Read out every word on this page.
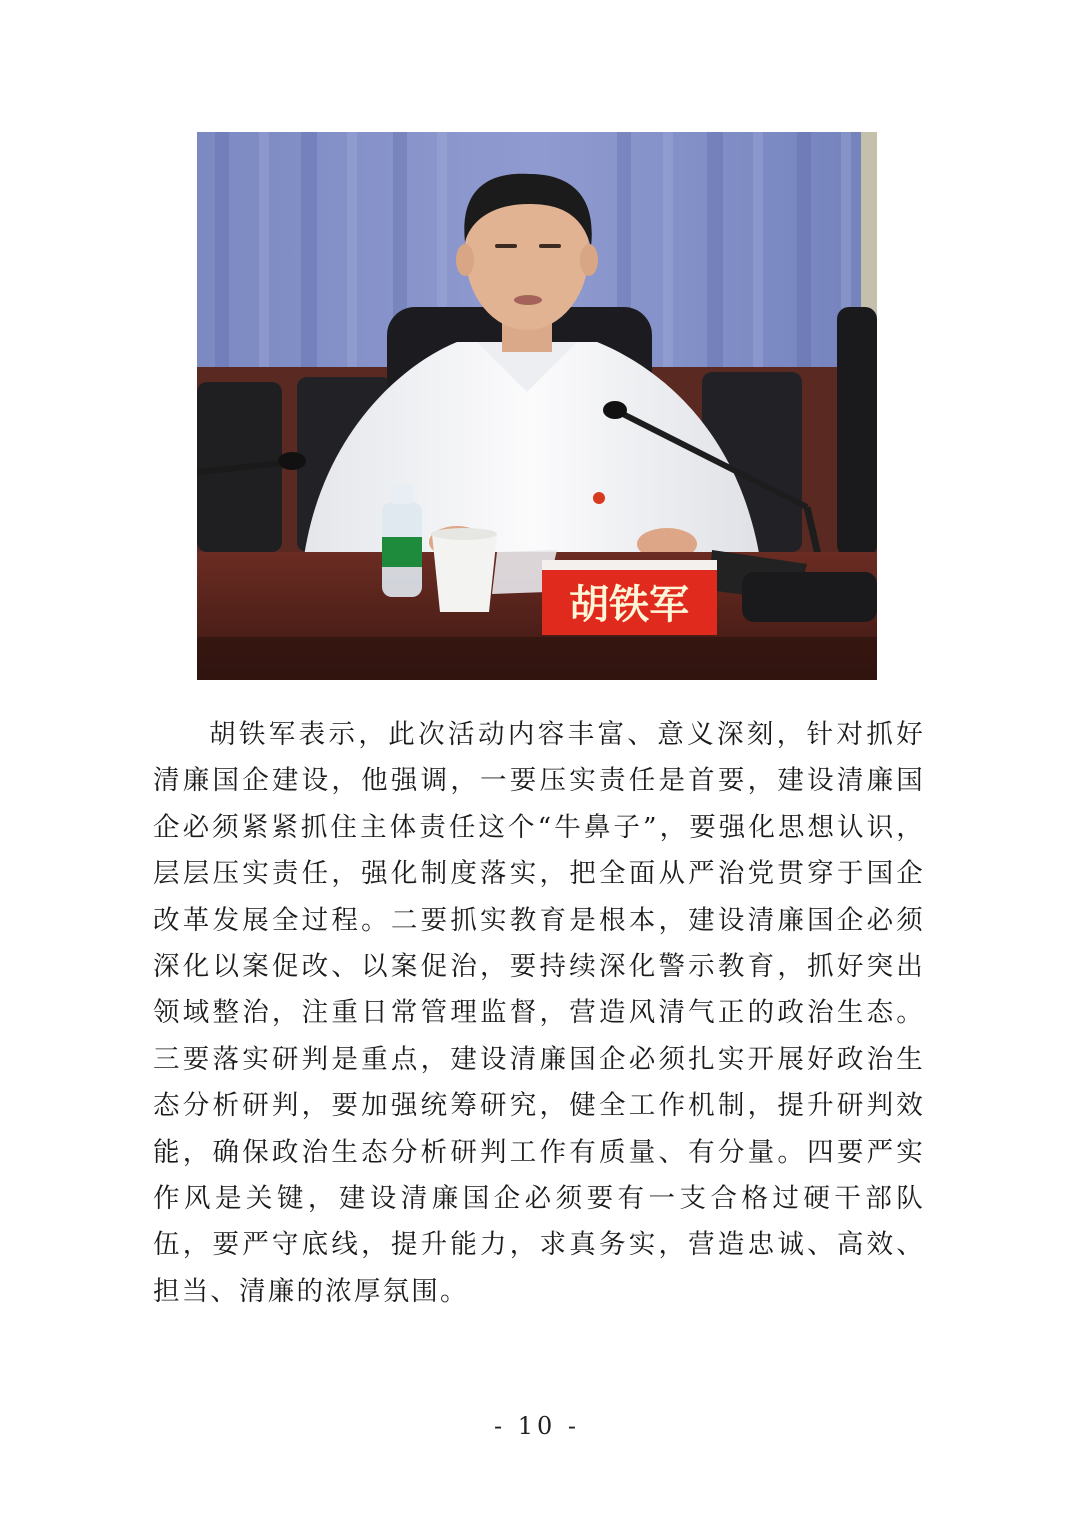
胡铁军

胡铁军表示，此次活动内容丰富、意义深刻，针对抓好清廉国企建设，他强调，一要压实责任是首要，建设清廉国企必须紧紧抓住主体责任这个“牛鼻子”，要强化思想认识，层层压实责任，强化制度落实，把全面从严治党贯穿于国企改革发展全过程。二要抓实教育是根本，建设清廉国企必须深化以案促改、以案促治，要持续深化警示教育，抓好突出领域整治，注重日常管理监督，营造风清气正的政治生态。三要落实研判是重点，建设清廉国企必须扎实开展好政治生态分析研判，要加强统筹研究，健全工作机制，提升研判效能，确保政治生态分析研判工作有质量、有分量。四要严实作风是关键，建设清廉国企必须要有一支合格过硬干部队伍，要严守底线，提升能力，求真务实，营造忠诚、高效、担当、清廉的浓厚氛围。

- 10 -
